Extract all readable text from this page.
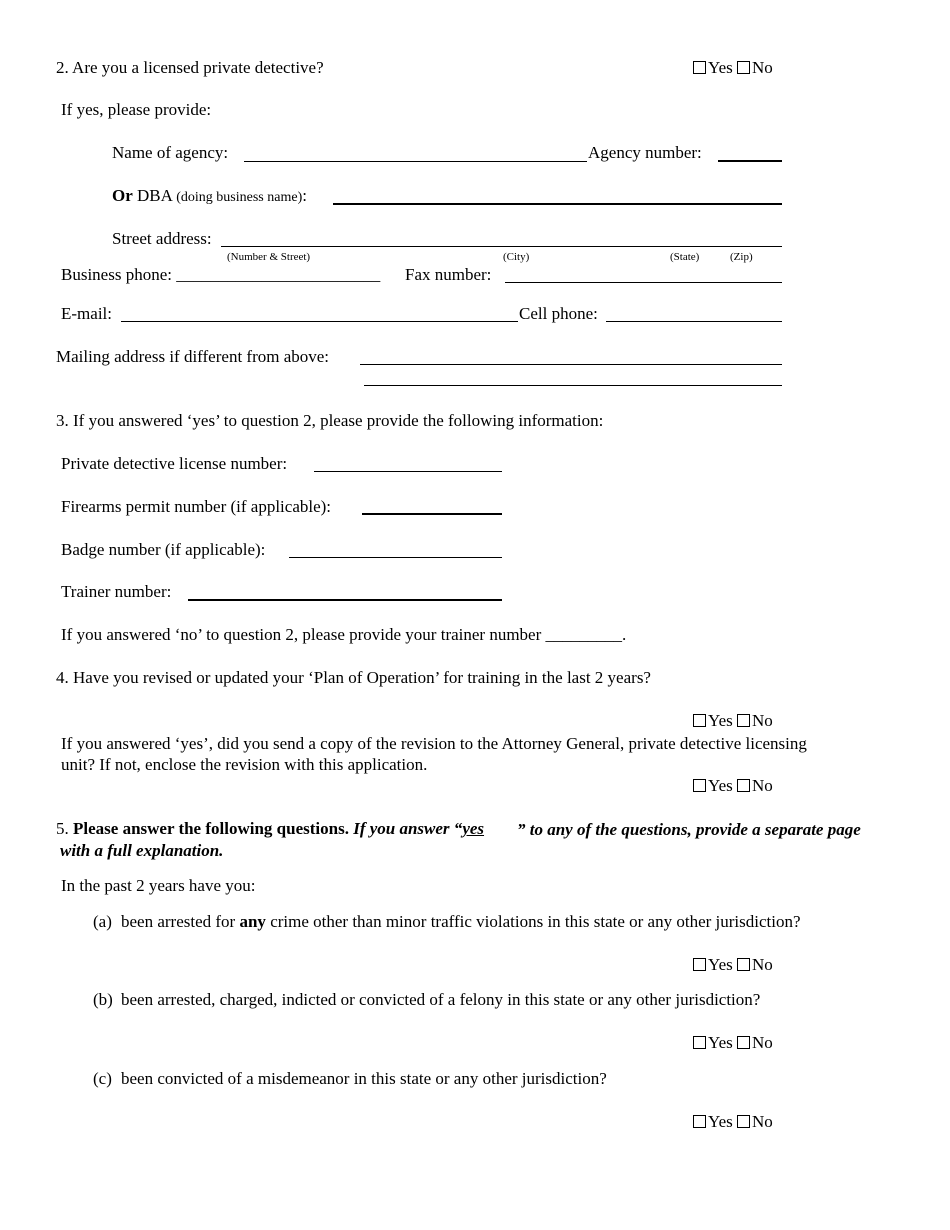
2. Are you a licensed private detective?	Yes No
If yes, please provide:
Name of agency:	Agency number:
Or DBA (doing business name):
Street address:
(Number & Street)	(City)	(State)	(Zip)
Business phone: ________________________ Fax number:
E-mail:	Cell phone:
Mailing address if different from above:
3. If you answered ‘yes’ to question 2, please provide the following information:
Private detective license number:
Firearms permit number (if applicable):
Badge number (if applicable):
Trainer number:
If you answered ‘no’ to question 2, please provide your trainer number _________.
4. Have you revised or updated your ‘Plan of Operation’ for training in the last 2 years?
Yes No
If you answered ‘yes’, did you send a copy of the revision to the Attorney General, private detective licensing unit? If not, enclose the revision with this application.
Yes No
5. Please answer the following questions. If you answer “yes	” to any of the questions, provide a separate page with a full explanation.
In the past 2 years have you:
(a) been arrested for any crime other than minor traffic violations in this state or any other jurisdiction?
Yes No
(b) been arrested, charged, indicted or convicted of a felony in this state or any other jurisdiction?
Yes No
(c) been convicted of a misdemeanor in this state or any other jurisdiction?
Yes No
